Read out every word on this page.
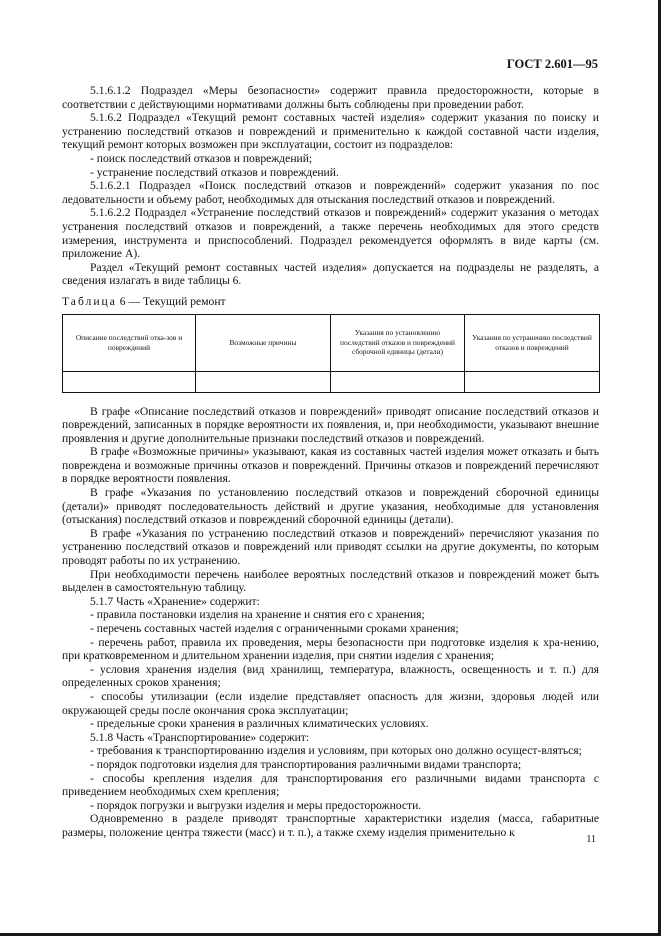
ГОСТ 2.601—95

5.1.6.1.2 Подраздел «Меры безопасности» содержит правила предосторожности, которые в соответствии с действующими нормативами должны быть соблюдены при проведении работ.

5.1.6.2 Подраздел «Текущий ремонт составных частей изделия» содержит указания по поиску и устранению последствий отказов и повреждений и применительно к каждой составной части изделия, текущий ремонт которых возможен при эксплуатации, состоит из подразделов:

- поиск последствий отказов и повреждений;

- устранение последствий отказов и повреждений.

5.1.6.2.1 Подраздел «Поиск последствий отказов и повреждений» содержит указания по пос ледовательности и объему работ, необходимых для отыскания последствий отказов и повреждений.

5.1.6.2.2 Подраздел «Устранение последствий отказов и повреждений» содержит указания о методах устранения последствий отказов и повреждений, а также перечень необходимых для этого средств измерения, инструмента и приспособлений. Подраздел рекомендуется оформлять в виде карты (см. приложение А).

Раздел «Текущий ремонт составных частей изделия» допускается на подразделы не разделять, а сведения излагать в виде таблицы 6.

Таблица 6 — Текущий ремонт

Описание последствий отка-зов и повреждений	Возможные причины	Указания по установлению последствий отказов и повреждений сборочной единицы (детали)	Указания по устранению последствий отказов и повреждений

В графе «Описание последствий отказов и повреждений» приводят описание последствий отказов и повреждений, записанных в порядке вероятности их появления, и, при необходимости, указывают внешние проявления и другие дополнительные признаки последствий отказов и повреждений.

В графе «Возможные причины» указывают, какая из составных частей изделия может отказать и быть повреждена и возможные причины отказов и повреждений. Причины отказов и повреждений перечисляют в порядке вероятности появления.

В графе «Указания по установлению последствий отказов и повреждений сборочной единицы (детали)» приводят последовательность действий и другие указания, необходимые для установления (отыскания) последствий отказов и повреждений сборочной единицы (детали).

В графе «Указания по устранению последствий отказов и повреждений» перечисляют указания по устранению последствий отказов и повреждений или приводят ссылки на другие документы, по которым проводят работы по их устранению.

При необходимости перечень наиболее вероятных последствий отказов и повреждений может быть выделен в самостоятельную таблицу.

5.1.7 Часть «Хранение» содержит:

- правила постановки изделия на хранение и снятия его с хранения;

- перечень составных частей изделия с ограниченными сроками хранения;

- перечень работ, правила их проведения, меры безопасности при подготовке изделия к хра-нению, при кратковременном и длительном хранении изделия, при снятии изделия с хранения;

- условия хранения изделия (вид хранилищ, температура, влажность, освещенность и т. п.) для определенных сроков хранения;

- способы утилизации (если изделие представляет опасность для жизни, здоровья людей или окружающей среды после окончания срока эксплуатации;

- предельные сроки хранения в различных климатических условиях.

5.1.8 Часть «Транспортирование» содержит:

- требования к транспортированию изделия и условиям, при которых оно должно осущест-вляться;

- порядок подготовки изделия для транспортирования различными видами транспорта;

- способы крепления изделия для транспортирования его различными видами транспорта с приведением необходимых схем крепления;

- порядок погрузки и выгрузки изделия и меры предосторожности.

Одновременно в разделе приводят транспортные характеристики изделия (масса, габаритные размеры, положение центра тяжести (масс) и т. п.), а также схему изделия применительно к

11
